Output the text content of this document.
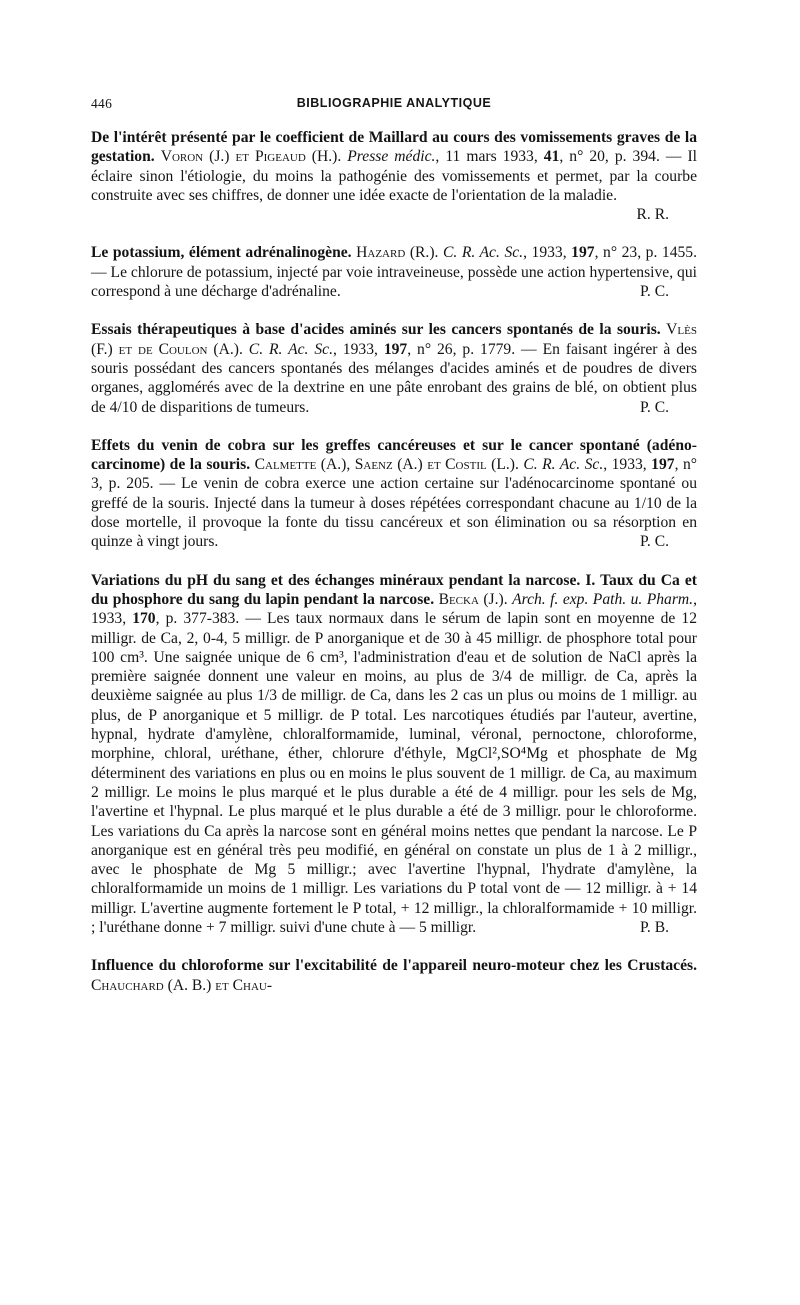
446	BIBLIOGRAPHIE ANALYTIQUE
De l'intérêt présenté par le coefficient de Maillard au cours des vomissements graves de la gestation. Voron (J.) et Pigeaud (H.). Presse médic., 11 mars 1933, 41, n° 20, p. 394. — Il éclaire sinon l'étiologie, du moins la pathogénie des vomissements et permet, par la courbe construite avec ses chiffres, de donner une idée exacte de l'orientation de la maladie.
R. R.
Le potassium, élément adrénalinogène. Hazard (R.). C. R. Ac. Sc., 1933, 197, n° 23, p. 1455. — Le chlorure de potassium, injecté par voie intraveineuse, possède une action hypertensive, qui correspond à une décharge d'adrénaline.	P. C.
Essais thérapeutiques à base d'acides aminés sur les cancers spontanés de la souris. Vlès (F.) et de Coulon (A.). C. R. Ac. Sc., 1933, 197, n° 26, p. 1779. — En faisant ingérer à des souris possédant des cancers spontanés des mélanges d'acides aminés et de poudres de divers organes, agglomérés avec de la dextrine en une pâte enrobant des grains de blé, on obtient plus de 4/10 de disparitions de tumeurs.	P. C.
Effets du venin de cobra sur les greffes cancéreuses et sur le cancer spontané (adéno-carcinome) de la souris. Calmette (A.), Saenz (A.) et Costil (L.). C. R. Ac. Sc., 1933, 197, n° 3, p. 205. — Le venin de cobra exerce une action certaine sur l'adénocarcinome spontané ou greffé de la souris. Injecté dans la tumeur à doses répétées correspondant chacune au 1/10 de la dose mortelle, il provoque la fonte du tissu cancéreux et son élimination ou sa résorption en quinze à vingt jours.	P. C.
Variations du pH du sang et des échanges minéraux pendant la narcose. I. Taux du Ca et du phosphore du sang du lapin pendant la narcose. Becka (J.). Arch. f. exp. Path. u. Pharm., 1933, 170, p. 377-383. — Les taux normaux dans le sérum de lapin sont en moyenne de 12 milligr. de Ca, 2, 0-4, 5 milligr. de P anorganique et de 30 à 45 milligr. de phosphore total pour 100 cm³. Une saignée unique de 6 cm³, l'administration d'eau et de solution de NaCl après la première saignée donnent une valeur en moins, au plus de 3/4 de milligr. de Ca, après la deuxième saignée au plus 1/3 de milligr. de Ca, dans les 2 cas un plus ou moins de 1 milligr. au plus, de P anorganique et 5 milligr. de P total. Les narcotiques étudiés par l'auteur, avertine, hypnal, hydrate d'amylène, chloralformamide, luminal, véronal, pernoctone, chloroforme, morphine, chloral, uréthane, éther, chlorure d'éthyle, MgCl²,SO⁴Mg et phosphate de Mg déterminent des variations en plus ou en moins le plus souvent de 1 milligr. de Ca, au maximum 2 milligr. Le moins le plus marqué et le plus durable a été de 4 milligr. pour les sels de Mg, l'avertine et l'hypnal. Le plus marqué et le plus durable a été de 3 milligr. pour le chloroforme. Les variations du Ca après la narcose sont en général moins nettes que pendant la narcose. Le P anorganique est en général très peu modifié, en général on constate un plus de 1 à 2 milligr., avec le phosphate de Mg 5 milligr.; avec l'avertine l'hypnal, l'hydrate d'amylène, la chloralformamide un moins de 1 milligr. Les variations du P total vont de — 12 milligr. à + 14 milligr. L'avertine augmente fortement le P total, + 12 milligr., la chloralformamide + 10 milligr. ; l'uréthane donne + 7 milligr. suivi d'une chute à — 5 milligr.	P. B.
Influence du chloroforme sur l'excitabilité de l'appareil neuro-moteur chez les Crustacés. Chauchard (A. B.) et Chau-
